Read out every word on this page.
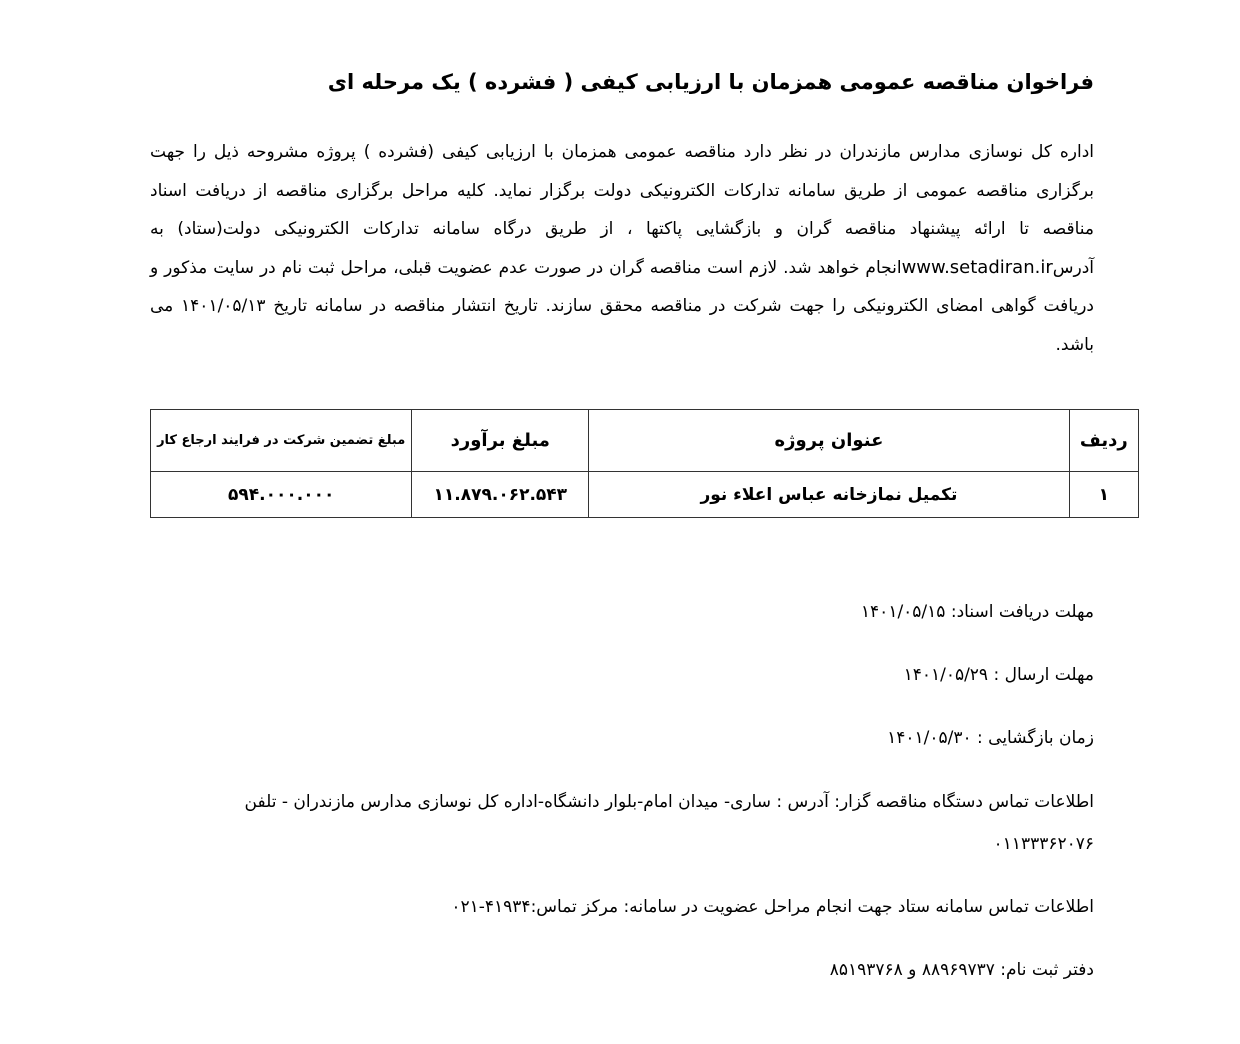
فراخوان مناقصه عمومی همزمان با ارزیابی کیفی ( فشرده ) یک مرحله ای
اداره کل نوسازی مدارس مازندران در نظر دارد مناقصه عمومی همزمان با ارزیابی کیفی (فشرده ) پروژه مشروحه ذیل را جهت برگزاری مناقصه عمومی از طریق سامانه تدارکات الکترونیکی دولت برگزار نماید. کلیه مراحل برگزاری مناقصه از دریافت اسناد مناقصه تا ارائه پیشنهاد مناقصه گران و بازگشایی پاکتها ، از طریق درگاه سامانه تدارکات الکترونیکی دولت(ستاد) به آدرسwww.setadiran.irانجام خواهد شد. لازم است مناقصه گران در صورت عدم عضویت قبلی، مراحل ثبت نام در سایت مذکور و دریافت گواهی امضای الکترونیکی را جهت شرکت در مناقصه محقق سازند. تاریخ انتشار مناقصه در سامانه تاریخ ۱۴۰۱/۰۵/۱۳ می باشد.
ردیف	عنوان پروژه	مبلغ برآورد	مبلغ تضمین شرکت در فرایند ارجاع کار
۱	تکمیل نمازخانه عباس اعلاء نور	۱۱.۸۷۹.۰۶۲.۵۴۳	۵۹۴.۰۰۰.۰۰۰
مهلت دریافت اسناد: ۱۴۰۱/۰۵/۱۵
مهلت ارسال : ۱۴۰۱/۰۵/۲۹
زمان بازگشایی : ۱۴۰۱/۰۵/۳۰
اطلاعات تماس دستگاه مناقصه گزار: آدرس : ساری- میدان امام-بلوار دانشگاه-اداره کل نوسازی مدارس مازندران - تلفن ۰۱۱۳۳۳۶۲۰۷۶
اطلاعات تماس سامانه ستاد جهت انجام مراحل عضویت در سامانه: مرکز تماس:۴۱۹۳۴-۰۲۱
دفتر ثبت نام: ۸۸۹۶۹۷۳۷ و ۸۵۱۹۳۷۶۸
